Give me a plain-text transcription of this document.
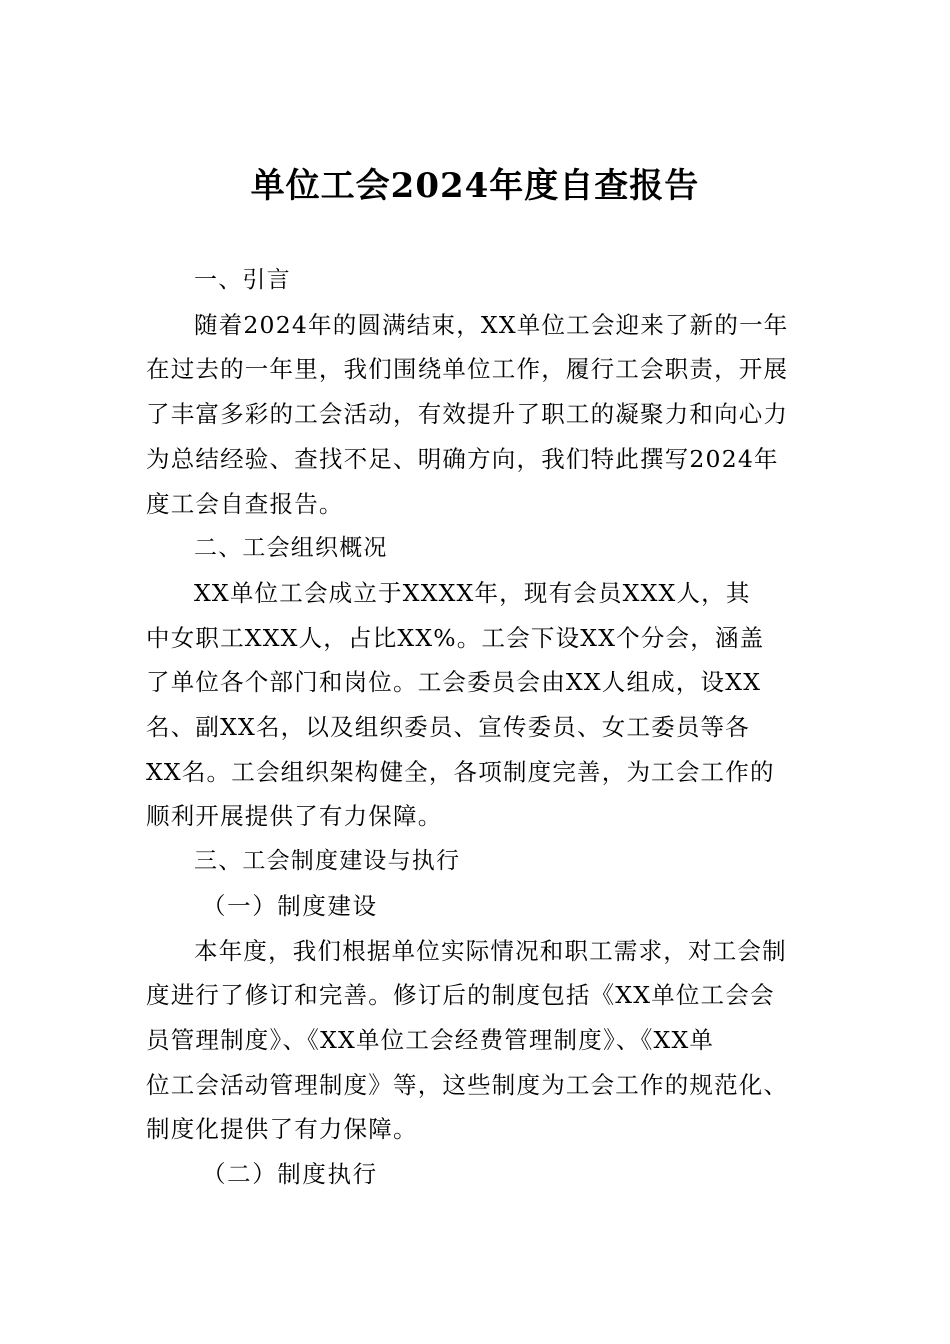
单位工会2024年度自查报告

一、引言

随着2024年的圆满结束，XX单位工会迎来了新的一年
在过去的一年里，我们围绕单位工作，履行工会职责，开展
了丰富多彩的工会活动，有效提升了职工的凝聚力和向心力
为总结经验、查找不足、明确方向，我们特此撰写2024年
度工会自查报告。

二、工会组织概况

XX单位工会成立于XXXX年，现有会员XXX人，其
中女职工XXX人，占比XX%。工会下设XX个分会，涵盖
了单位各个部门和岗位。工会委员会由XX人组成，设XX
名、副XX名，以及组织委员、宣传委员、女工委员等各
XX名。工会组织架构健全，各项制度完善，为工会工作的
顺利开展提供了有力保障。

三、工会制度建设与执行

（一）制度建设

本年度，我们根据单位实际情况和职工需求，对工会制
度进行了修订和完善。修订后的制度包括《XX单位工会会
员管理制度》、《XX单位工会经费管理制度》、《XX单
位工会活动管理制度》等，这些制度为工会工作的规范化、
制度化提供了有力保障。

（二）制度执行
